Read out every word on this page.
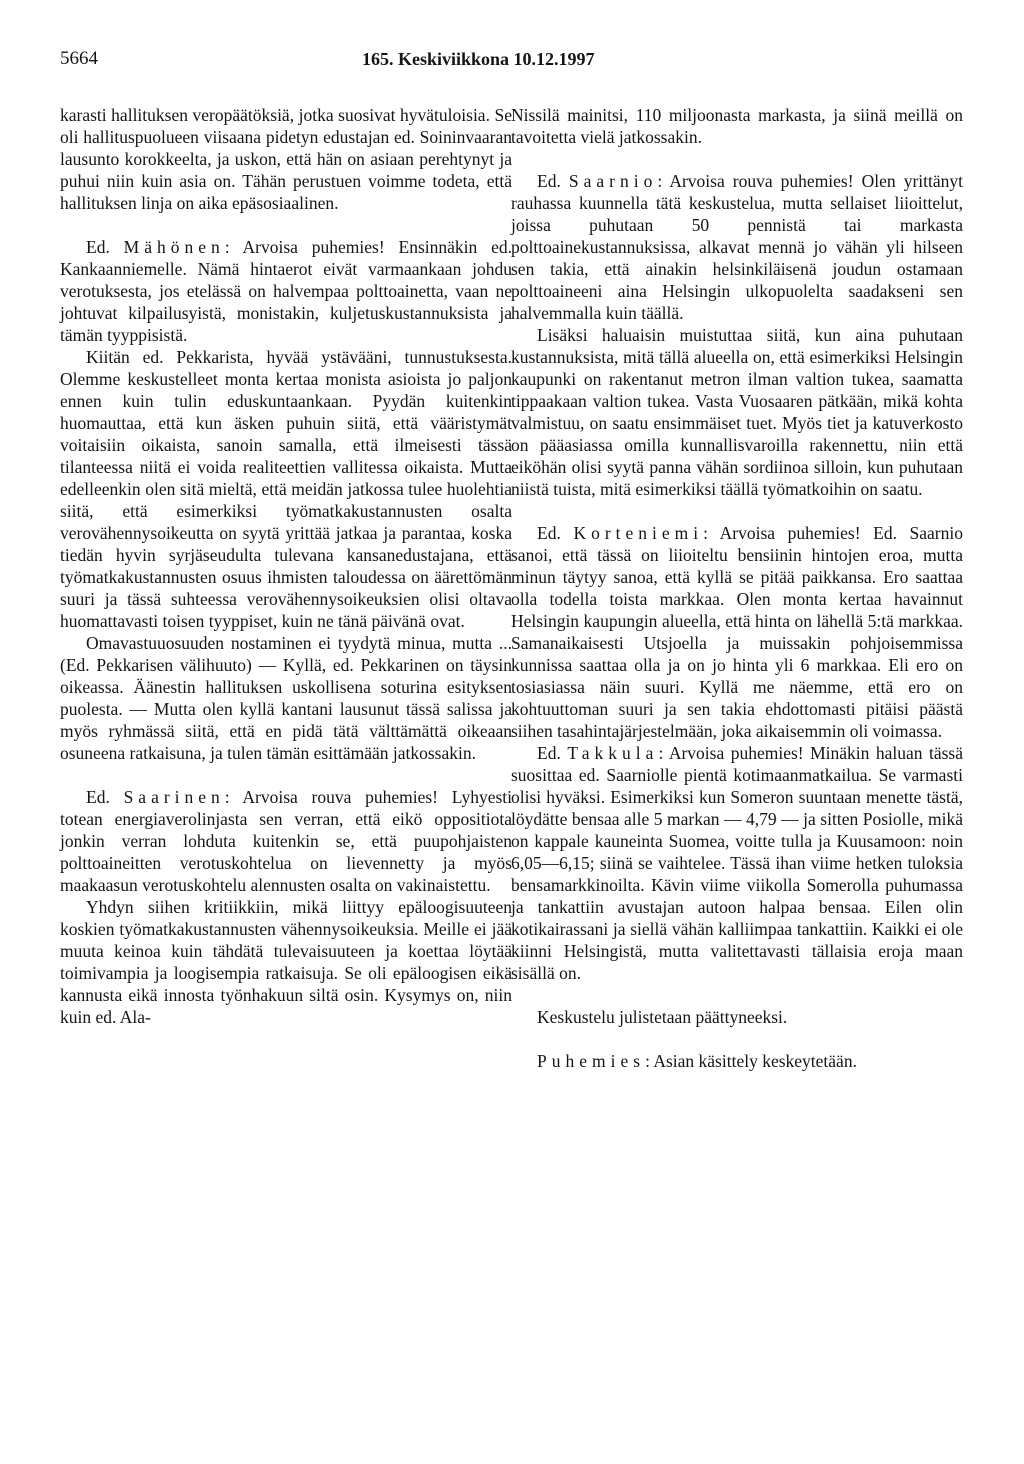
5664	165. Keskiviikkona 10.12.1997

karasti hallituksen veropäätöksiä, jotka suosivat hyvätuloisia. Se oli hallituspuolueen viisaana pidetyn edustajan ed. Soininvaaran lausunto korokkeelta, ja uskon, että hän on asiaan perehtynyt ja puhui niin kuin asia on. Tähän perustuen voimme todeta, että hallituksen linja on aika epäsosiaalinen.

Ed. Mähönen: Arvoisa puhemies! Ensinnäkin ed. Kankaanniemelle. Nämä hintaerot eivät varmaankaan johdu verotuksesta, jos etelässä on halvempaa polttoainetta, vaan ne johtuvat kilpailusyistä, monistakin, kuljetuskustannuksista ja tämän tyyppisistä.

Kiitän ed. Pekkarista, hyvää ystävääni, tunnustuksesta. Olemme keskustelleet monta kertaa monista asioista jo paljon ennen kuin tulin eduskuntaankaan. Pyydän kuitenkin huomauttaa, että kun äsken puhuin siitä, että vääristymät voitaisiin oikaista, sanoin samalla, että ilmeisesti tässä tilanteessa niitä ei voida realiteettien vallitessa oikaista. Mutta edelleenkin olen sitä mieltä, että meidän jatkossa tulee huolehtia siitä, että esimerkiksi työmatkakustannusten osalta verovähennysoikeutta on syytä yrittää jatkaa ja parantaa, koska tiedän hyvin syrjäseudulta tulevana kansanedustajana, että työmatkakustannusten osuus ihmisten taloudessa on äärettömän suuri ja tässä suhteessa verovähennysoikeuksien olisi oltava huomattavasti toisen tyyppiset, kuin ne tänä päivänä ovat.

Omavastuuosuuden nostaminen ei tyydytä minua, mutta ... (Ed. Pekkarisen välihuuto) — Kyllä, ed. Pekkarinen on täysin oikeassa. Äänestin hallituksen uskollisena soturina esityksen puolesta. — Mutta olen kyllä kantani lausunut tässä salissa ja myös ryhmässä siitä, että en pidä tätä välttämättä oikeaan osuneena ratkaisuna, ja tulen tämän esittämään jatkossakin.

Ed. Saarinen: Arvoisa rouva puhemies! Lyhyesti totean energiaverolinjasta sen verran, että eikö oppositiota jonkin verran lohduta kuitenkin se, että puupohjaisten polttoaineitten verotuskohtelua on lievennetty ja myös maakaasun verotuskohtelu alennusten osalta on vakinaistettu.

Yhdyn siihen kritiikkiin, mikä liittyy epäloogisuuteen koskien työmatkakustannusten vähennysoikeuksia. Meille ei jää muuta keinoa kuin tähdätä tulevaisuuteen ja koettaa löytää toimivampia ja loogisempia ratkaisuja. Se oli epäloogisen eikä kannusta eikä innosta työnhakuun siltä osin. Kysymys on, niin kuin ed. Ala-

Nissilä mainitsi, 110 miljoonasta markasta, ja siinä meillä on tavoitetta vielä jatkossakin.

Ed. Saarnio: Arvoisa rouva puhemies! Olen yrittänyt rauhassa kuunnella tätä keskustelua, mutta sellaiset liioittelut, joissa puhutaan 50 pennistä tai markasta polttoainekustannuksissa, alkavat mennä jo vähän yli hilseen sen takia, että ainakin helsinkiläisenä joudun ostamaan polttoaineeni aina Helsingin ulkopuolelta saadakseni sen halvemmalla kuin täällä.

Lisäksi haluaisin muistuttaa siitä, kun aina puhutaan kustannuksista, mitä tällä alueella on, että esimerkiksi Helsingin kaupunki on rakentanut metron ilman valtion tukea, saamatta tippaakaan valtion tukea. Vasta Vuosaaren pätkään, mikä kohta valmistuu, on saatu ensimmäiset tuet. Myös tiet ja katuverkosto on pääasiassa omilla kunnallisvaroilla rakennettu, niin että eiköhän olisi syytä panna vähän sordiinoa silloin, kun puhutaan niistä tuista, mitä esimerkiksi täällä työmatkoihin on saatu.

Ed. Korteniemi: Arvoisa puhemies! Ed. Saarnio sanoi, että tässä on liioiteltu bensiinin hintojen eroa, mutta minun täytyy sanoa, että kyllä se pitää paikkansa. Ero saattaa olla todella toista markkaa. Olen monta kertaa havainnut Helsingin kaupungin alueella, että hinta on lähellä 5:tä markkaa. Samanaikaisesti Utsjoella ja muissakin pohjoisemmissa kunnissa saattaa olla ja on jo hinta yli 6 markkaa. Eli ero on tosiasiassa näin suuri. Kyllä me näemme, että ero on kohtuuttoman suuri ja sen takia ehdottomasti pitäisi päästä siihen tasahintajärjestelmään, joka aikaisemmin oli voimassa.

Ed. Takkula: Arvoisa puhemies! Minäkin haluan tässä suosittaa ed. Saarniolle pientä kotimaanmatkailua. Se varmasti olisi hyväksi. Esimerkiksi kun Someron suuntaan menette tästä, löydätte bensaa alle 5 markan — 4,79 — ja sitten Posiolle, mikä on kappale kauneinta Suomea, voitte tulla ja Kuusamoon: noin 6,05—6,15; siinä se vaihtelee. Tässä ihan viime hetken tuloksia bensamarkkinoilta. Kävin viime viikolla Somerolla puhumassa ja tankattiin avustajan autoon halpaa bensaa. Eilen olin kotikairassani ja siellä vähän kalliimpaa tankattiin. Kaikki ei ole kiinni Helsingistä, mutta valitettavasti tällaisia eroja maan sisällä on.

Keskustelu julistetaan päättyneeksi.

Puhemies: Asian käsittely keskeytetään.
